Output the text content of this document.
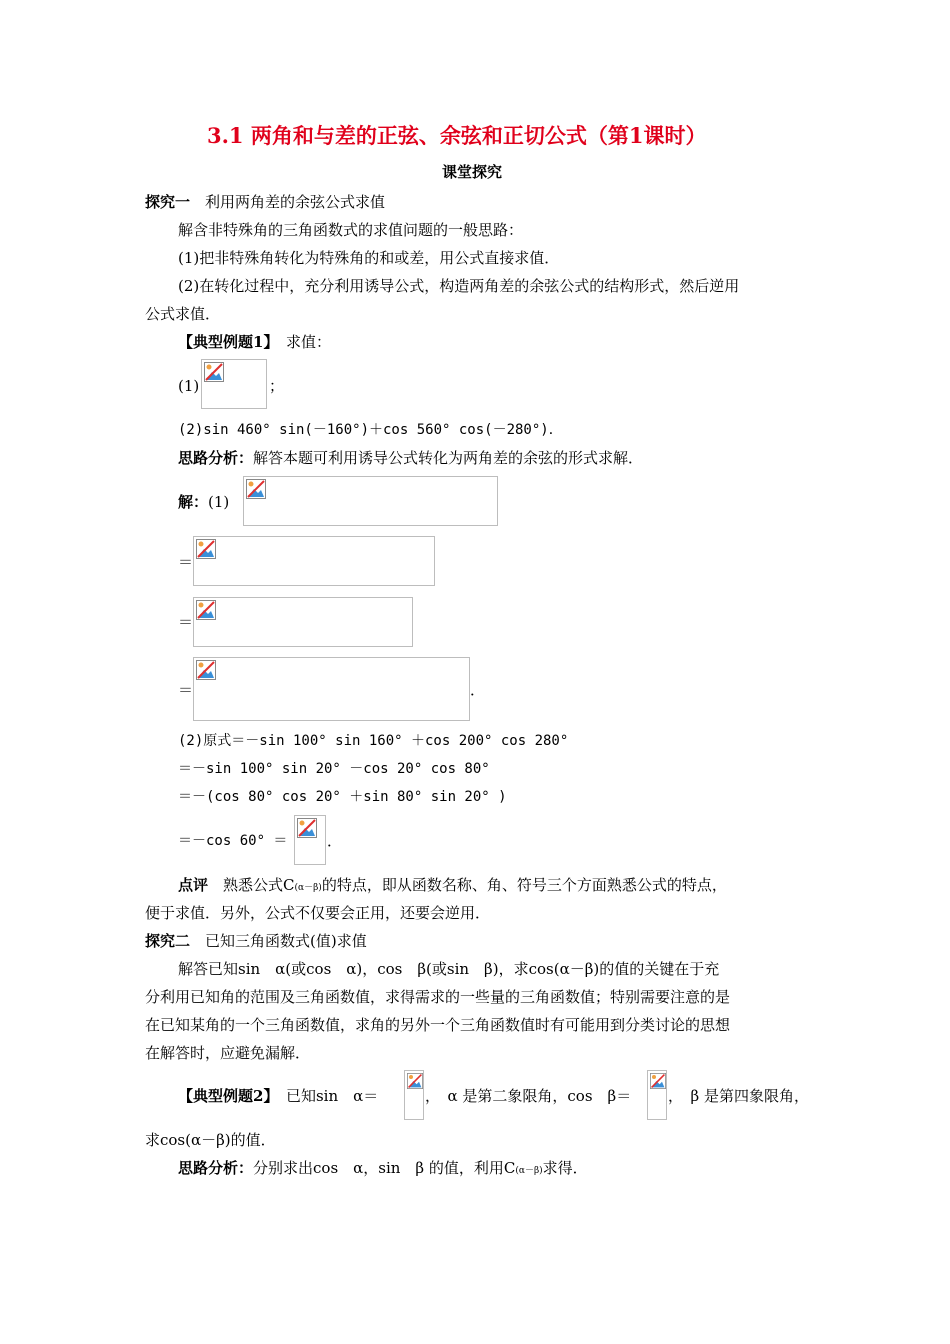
3.1 两角和与差的正弦、余弦和正切公式（第1课时）
课堂探究
探究一　 利用两角差的余弦公式求值
解含非特殊角的三角函数式的求值问题的一般思路：
(1)把非特殊角转化为特殊角的和或差，用公式直接求值．
(2)在转化过程中，充分利用诱导公式，构造两角差的余弦公式的结构形式，然后逆用
公式求值．
【典型例题1】　 求值：
(1)	；
(2)sin 460° sin(－160°)＋cos 560° cos(－280°)．
思路分析：解答本题可利用诱导公式转化为两角差的余弦的形式求解．
解：(1)
＝
＝
＝	．
(2)原式＝－sin 100° sin 160° ＋cos 200° cos 280°
＝－sin 100° sin 20° －cos 20° cos 80°
＝－(cos 80° cos 20° ＋sin 80° sin 20° )
＝－cos 60° ＝	．
点评　 熟悉公式C(α－β)的特点，即从函数名称、角、符号三个方面熟悉公式的特点，
便于求值．另外，公式不仅要会正用，还要会逆用．
探究二　 已知三角函数式(值)求值
解答已知sin　α(或cos　α)，cos　β(或sin　β)，求cos(α－β)的值的关键在于充
分利用已知角的范围及三角函数值，求得需求的一些量的三角函数值；特别需要注意的是
在已知某角的一个三角函数值，求角的另外一个三角函数值时有可能用到分类讨论的思想
在解答时，应避免漏解．
【典型例题2】　 已知sin　α＝	，　α 是第二象限角，cos　β＝ ，　β 是第四象限角，
求cos(α－β)的值．
思路分析：分别求出cos　α，sin　β 的值，利用C(α－β)求得．
